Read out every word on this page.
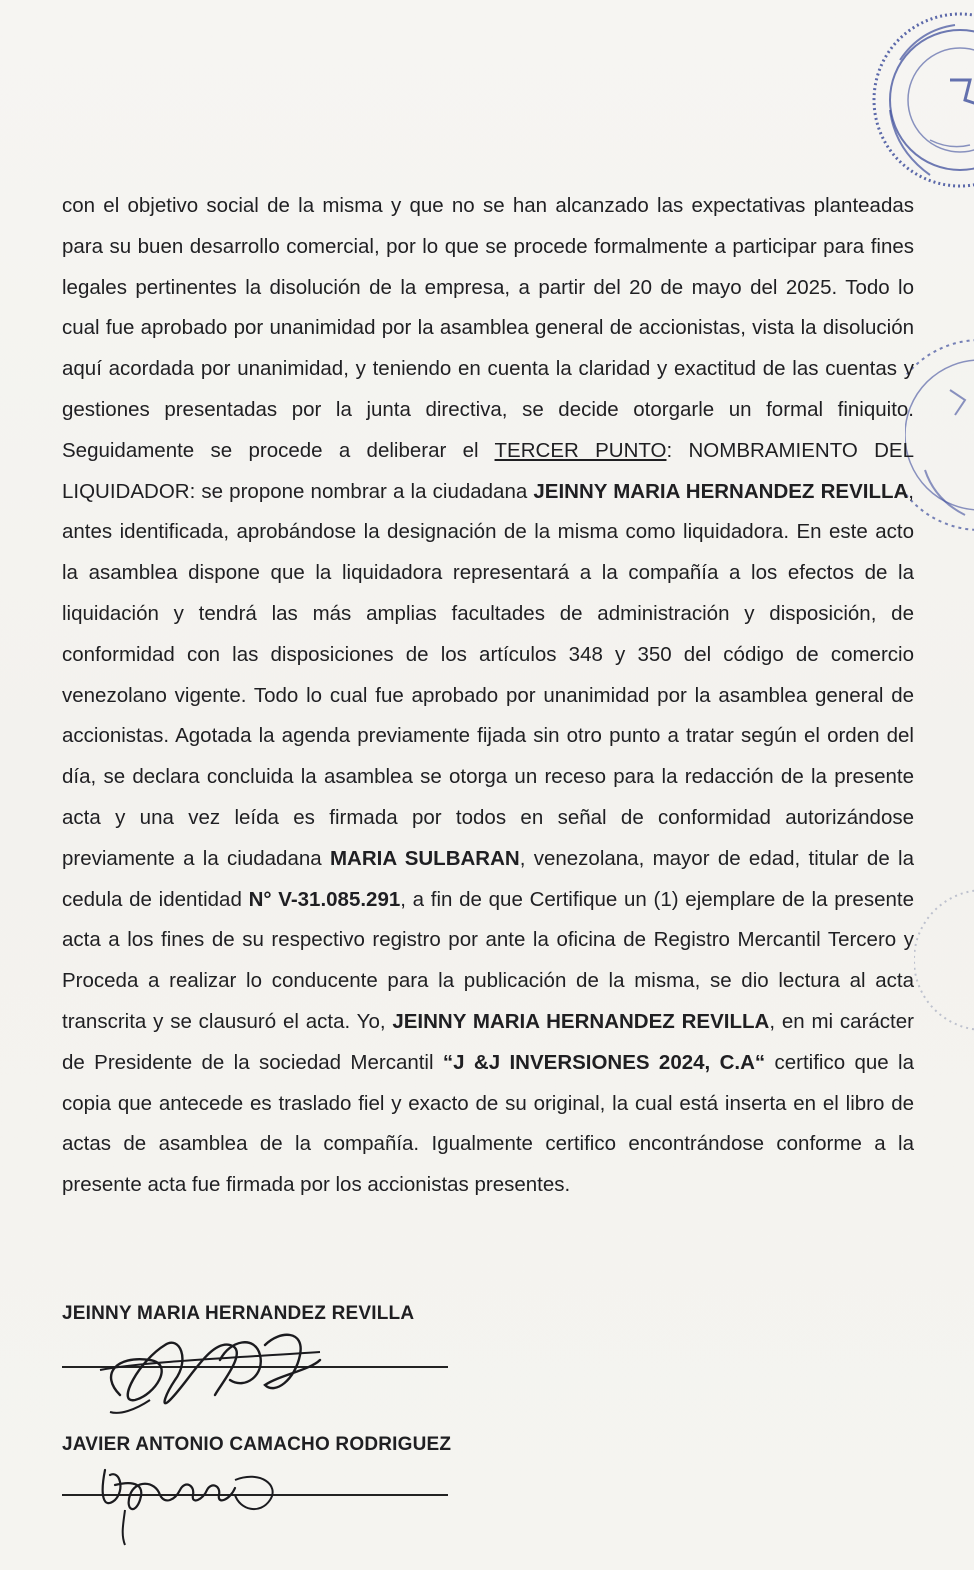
con el objetivo social de la misma y que no se han alcanzado las expectativas planteadas para su buen desarrollo comercial, por lo que se procede formalmente a participar para fines legales pertinentes la disolución de la empresa, a partir del 20 de mayo del 2025. Todo lo cual fue aprobado por unanimidad por la asamblea general de accionistas, vista la disolución aquí acordada por unanimidad, y teniendo en cuenta la claridad y exactitud de las cuentas y gestiones presentadas por la junta directiva, se decide otorgarle un formal finiquito. Seguidamente se procede a deliberar el TERCER PUNTO: NOMBRAMIENTO DEL LIQUIDADOR: se propone nombrar a la ciudadana JEINNY MARIA HERNANDEZ REVILLA, antes identificada, aprobándose la designación de la misma como liquidadora. En este acto la asamblea dispone que la liquidadora representará a la compañía a los efectos de la liquidación y tendrá las más amplias facultades de administración y disposición, de conformidad con las disposiciones de los artículos 348 y 350 del código de comercio venezolano vigente. Todo lo cual fue aprobado por unanimidad por la asamblea general de accionistas. Agotada la agenda previamente fijada sin otro punto a tratar según el orden del día, se declara concluida la asamblea se otorga un receso para la redacción de la presente acta y una vez leída es firmada por todos en señal de conformidad autorizándose previamente a la ciudadana MARIA SULBARAN, venezolana, mayor de edad, titular de la cedula de identidad N° V-31.085.291, a fin de que Certifique un (1) ejemplare de la presente acta a los fines de su respectivo registro por ante la oficina de Registro Mercantil Tercero y Proceda a realizar lo conducente para la publicación de la misma, se dio lectura al acta transcrita y se clausuró el acta. Yo, JEINNY MARIA HERNANDEZ REVILLA, en mi carácter de Presidente de la sociedad Mercantil “J &J INVERSIONES 2024, C.A“ certifico que la copia que antecede es traslado fiel y exacto de su original, la cual está inserta en el libro de actas de asamblea de la compañía. Igualmente certifico encontrándose conforme a la presente acta fue firmada por los accionistas presentes.
JEINNY MARIA HERNANDEZ REVILLA
JAVIER ANTONIO CAMACHO RODRIGUEZ
